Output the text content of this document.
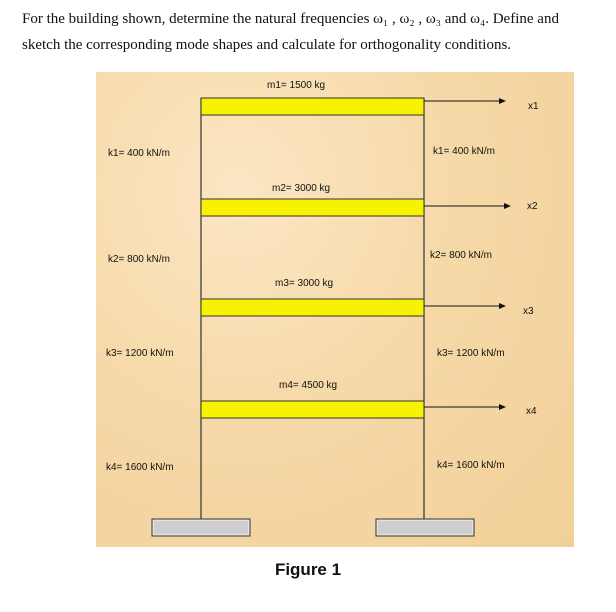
For the building shown, determine the natural frequencies ω₁ , ω₂ , ω₃ and ω₄. Define and

sketch the corresponding mode shapes and calculate for orthogonality conditions.

m1= 1500 kg
m2= 3000 kg
m3= 3000 kg
m4= 4500 kg
k1= 400 kN/m
k2= 800 kN/m
k3= 1200 kN/m
k4= 1600 kN/m
k1= 400 kN/m
k2= 800 kN/m
k3= 1200 kN/m
k4= 1600 kN/m
x1
x2
x3
x4
Figure 1
